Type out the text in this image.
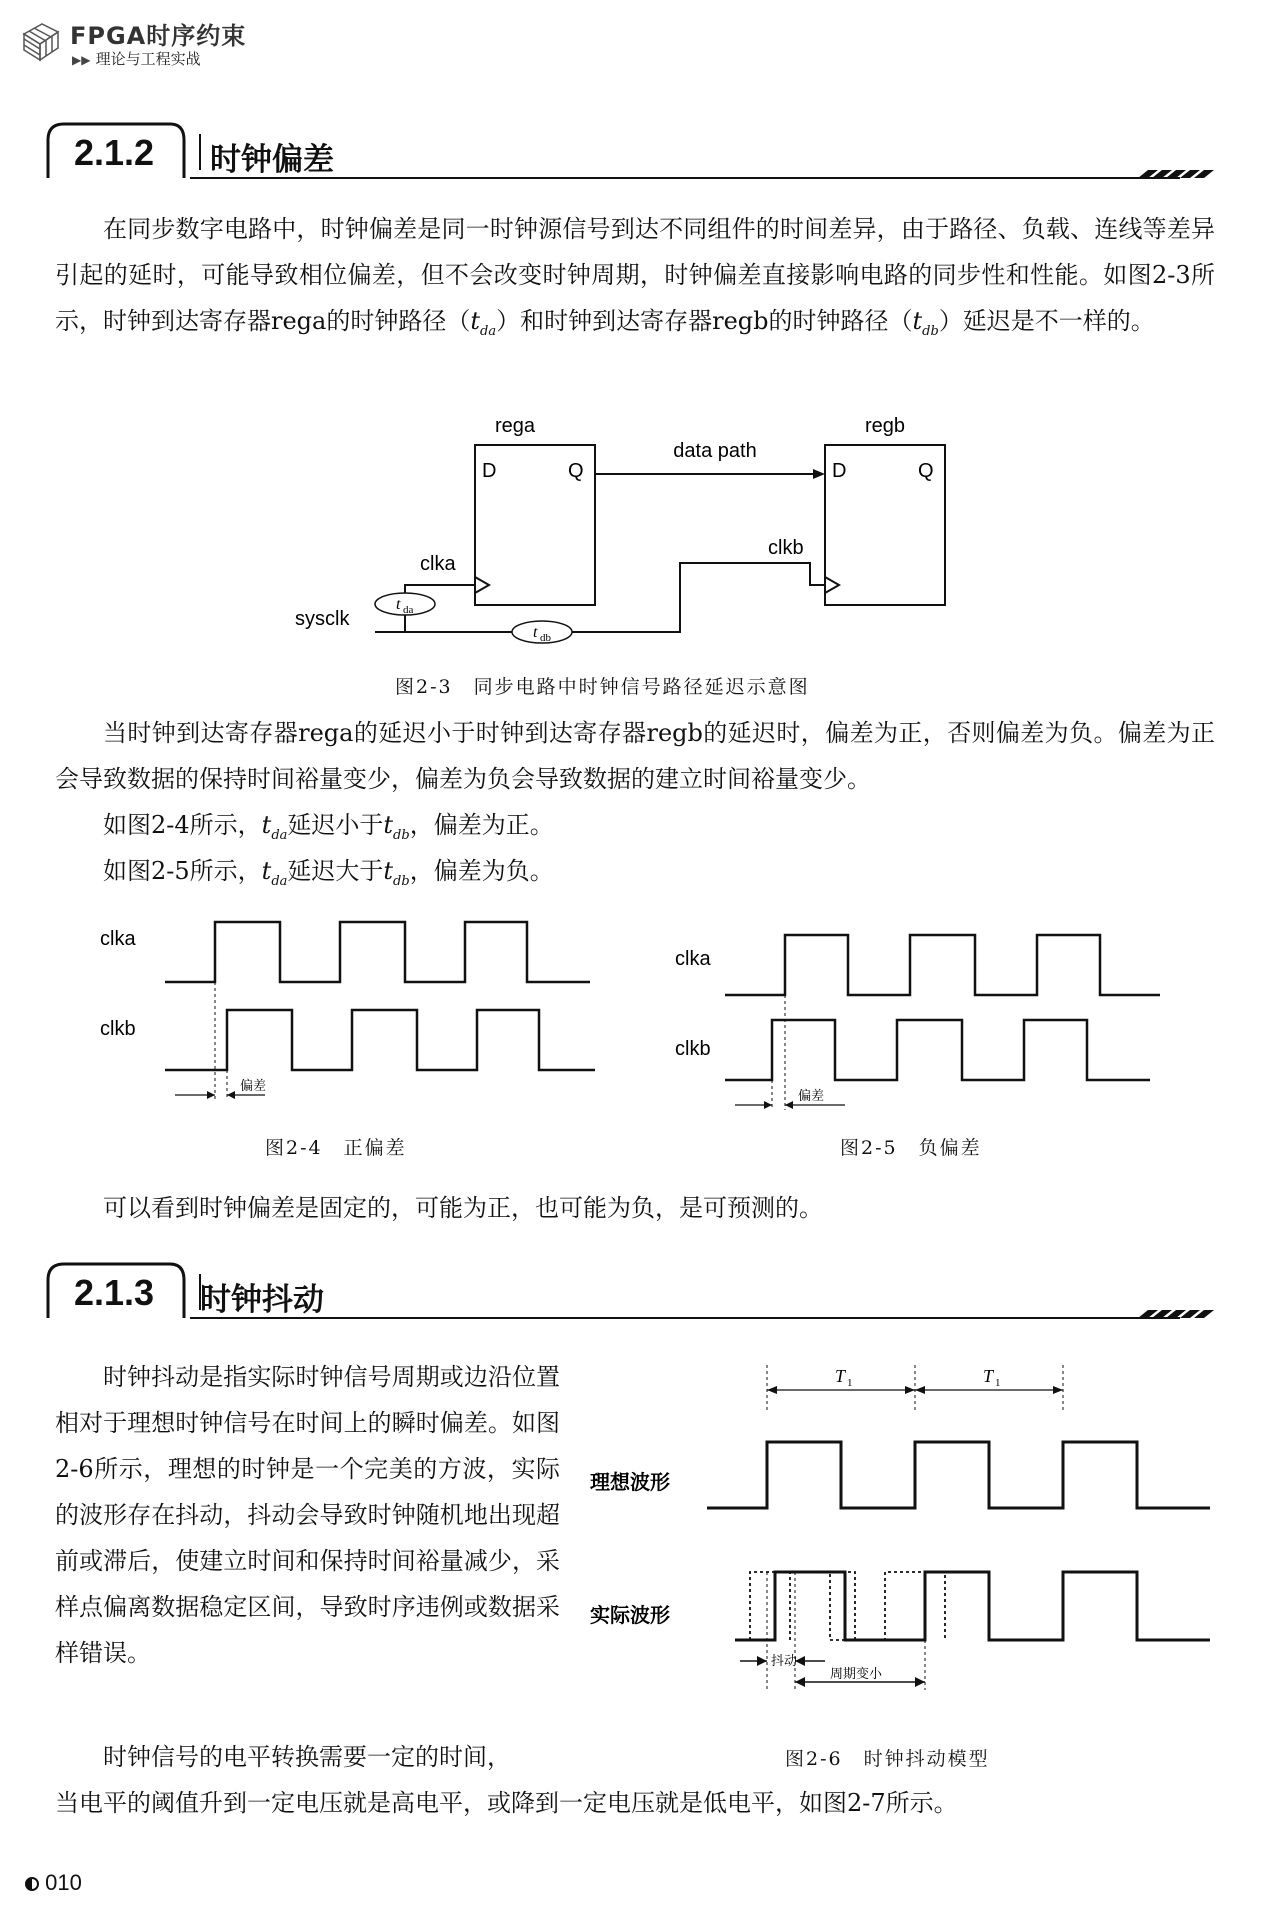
FPGA时序约束
▶▶ 理论与工程实战
2.1.2 时钟偏差
在同步数字电路中，时钟偏差是同一时钟源信号到达不同组件的时间差异，由于路径、负载、连线等差异引起的延时，可能导致相位偏差，但不会改变时钟周期，时钟偏差直接影响电路的同步性和性能。如图2-3所示，时钟到达寄存器rega的时钟路径$(t_{da})$和时钟到达寄存器regb的时钟路径$(t_{db})$延迟是不一样的。
rega
D	Q
regb
D	Q
data path
clka
clkb
sysclk
t da
t db
图2-3　同步电路中时钟信号路径延迟示意图
当时钟到达寄存器rega的延迟小于时钟到达寄存器regb的延迟时，偏差为正，否则偏差为负。偏差为正会导致数据的保持时间裕量变少，偏差为负会导致数据的建立时间裕量变少。
如图2-4所示，$t_{da}$延迟小于$t_{db}$，偏差为正。
如图2-5所示，$t_{da}$延迟大于$t_{db}$，偏差为负。
clka
clkb
偏差
图2-4　正偏差
clka
clkb
偏差
图2-5　负偏差
可以看到时钟偏差是固定的，可能为正，也可能为负，是可预测的。
2.1.3 时钟抖动
时钟抖动是指实际时钟信号周期或边沿位置相对于理想时钟信号在时间上的瞬时偏差。如图2-6所示，理想的时钟是一个完美的方波，实际的波形存在抖动，抖动会导致时钟随机地出现超前或滞后，使建立时间和保持时间裕量减少，采样点偏离数据稳定区间，导致时序违例或数据采样错误。
T 1	T 1
理想波形
实际波形
抖动
周期变小
时钟信号的电平转换需要一定的时间，	图2-6　时钟抖动模型
当电平的阈值升到一定电压就是高电平，或降到一定电压就是低电平，如图2-7所示。
010
